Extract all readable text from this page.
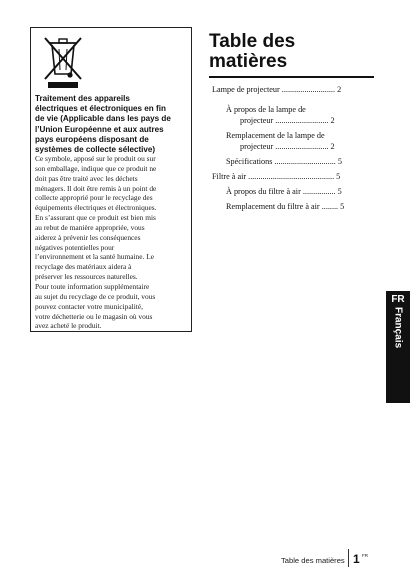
Traitement des appareils
électriques et électroniques en fin
de vie (Applicable dans les pays de
l’Union Européenne et aux autres
pays européens disposant de
systèmes de collecte sélective)
Ce symbole, apposé sur le produit ou sur
son emballage, indique que ce produit ne
doit pas être traité avec les déchets
ménagers. Il doit être remis à un point de
collecte approprié pour le recyclage des
équipements électriques et électroniques.
En s’assurant que ce produit est bien mis
au rebut de manière appropriée, vous
aiderez à prévenir les conséquences
négatives potentielles pour
l’environnement et la santé humaine. Le
recyclage des matériaux aidera à
préserver les ressources naturelles.
Pour toute information supplémentaire
au sujet du recyclage de ce produit, vous
pouvez contacter votre municipalité,
votre déchetterie ou le magasin où vous
avez acheté le produit.
Table des
matières
Lampe de projecteur .......................... 2
À propos de la lampe de
projecteur .......................... 2
Remplacement de la lampe de
projecteur .......................... 2
Spécifications .............................. 5
Filtre à air .......................................... 5
À propos du filtre à air ................ 5
Remplacement du filtre à air ........ 5
FR
Français
Table des matières 1 FR
